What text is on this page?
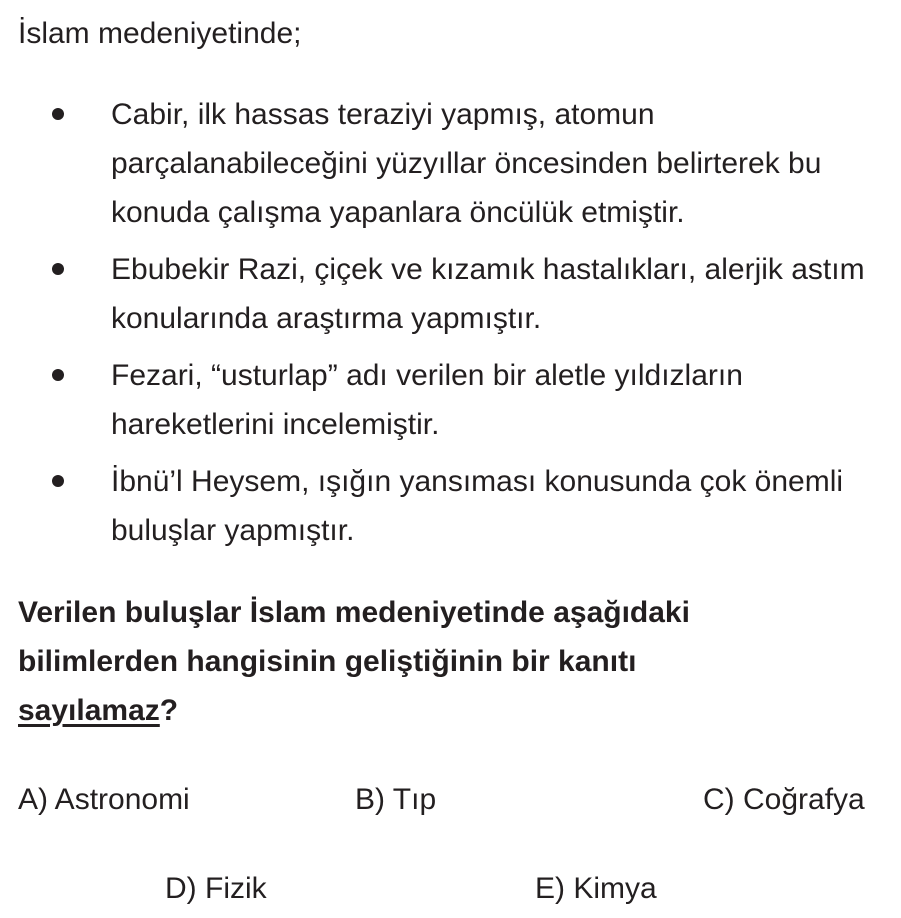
İslam medeniyetinde;

Cabir, ilk hassas teraziyi yapmış, atomun parçalanabileceğini yüzyıllar öncesinden belirterek bu konuda çalışma yapanlara öncülük etmiştir.
Ebubekir Razi, çiçek ve kızamık hastalıkları, alerjik astım konularında araştırma yapmıştır.
Fezari, “usturlap” adı verilen bir aletle yıldızların hareketlerini incelemiştir.
İbnü’l Heysem, ışığın yansıması konusunda çok önemli buluşlar yapmıştır.

Verilen buluşlar İslam medeniyetinde aşağıdaki
bilimlerden hangisinin geliştiğinin bir kanıtı
sayılamaz?

A) Astronomi	B) Tıp	C) Coğrafya
D) Fizik	E) Kimya
